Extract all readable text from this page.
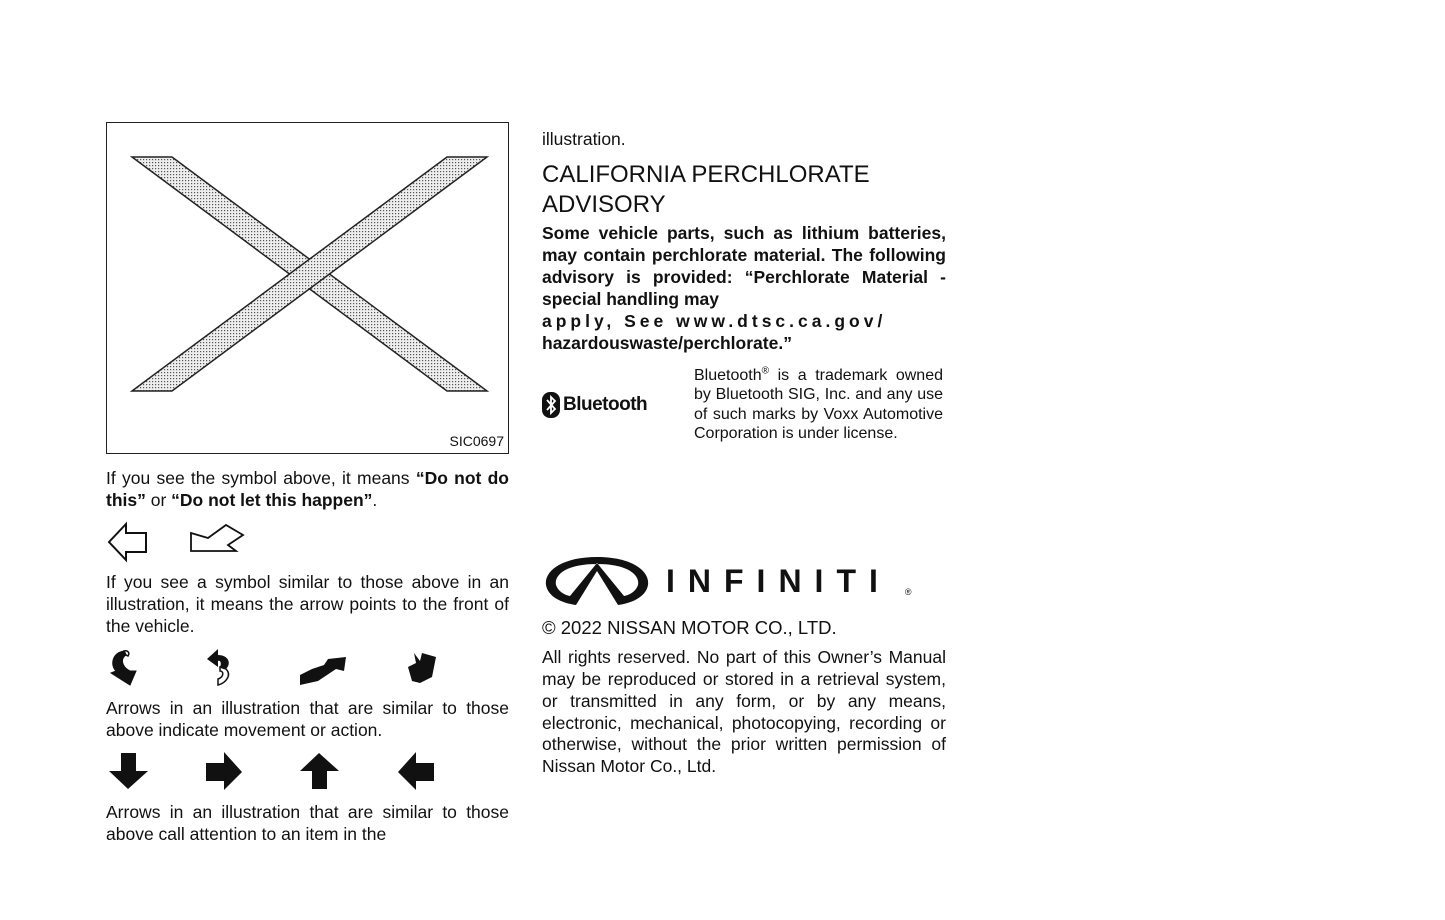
SIC0697

If you see the symbol above, it means “Do not do this” or “Do not let this happen”.

If you see a symbol similar to those above in an illustration, it means the arrow points to the front of the vehicle.

Arrows in an illustration that are similar to those above indicate movement or action.

Arrows in an illustration that are similar to those above call attention to an item in the

illustration.

CALIFORNIA PERCHLORATE ADVISORY
Some vehicle parts, such as lithium batteries, may contain perchlorate material. The following advisory is provided: “Perchlorate Material - special handling may
apply, See www.dtsc.ca.gov/
hazardouswaste/perchlorate.”
Bluetooth
Bluetooth® is a trademark owned by Bluetooth SIG, Inc. and any use of such marks by Voxx Automotive Corporation is under license.
INFINITI ®

© 2022 NISSAN MOTOR CO., LTD.

All rights reserved. No part of this Owner’s Manual may be reproduced or stored in a retrieval system, or transmitted in any form, or by any means, electronic, mechanical, photocopying, recording or otherwise, without the prior written permission of Nissan Motor Co., Ltd.
